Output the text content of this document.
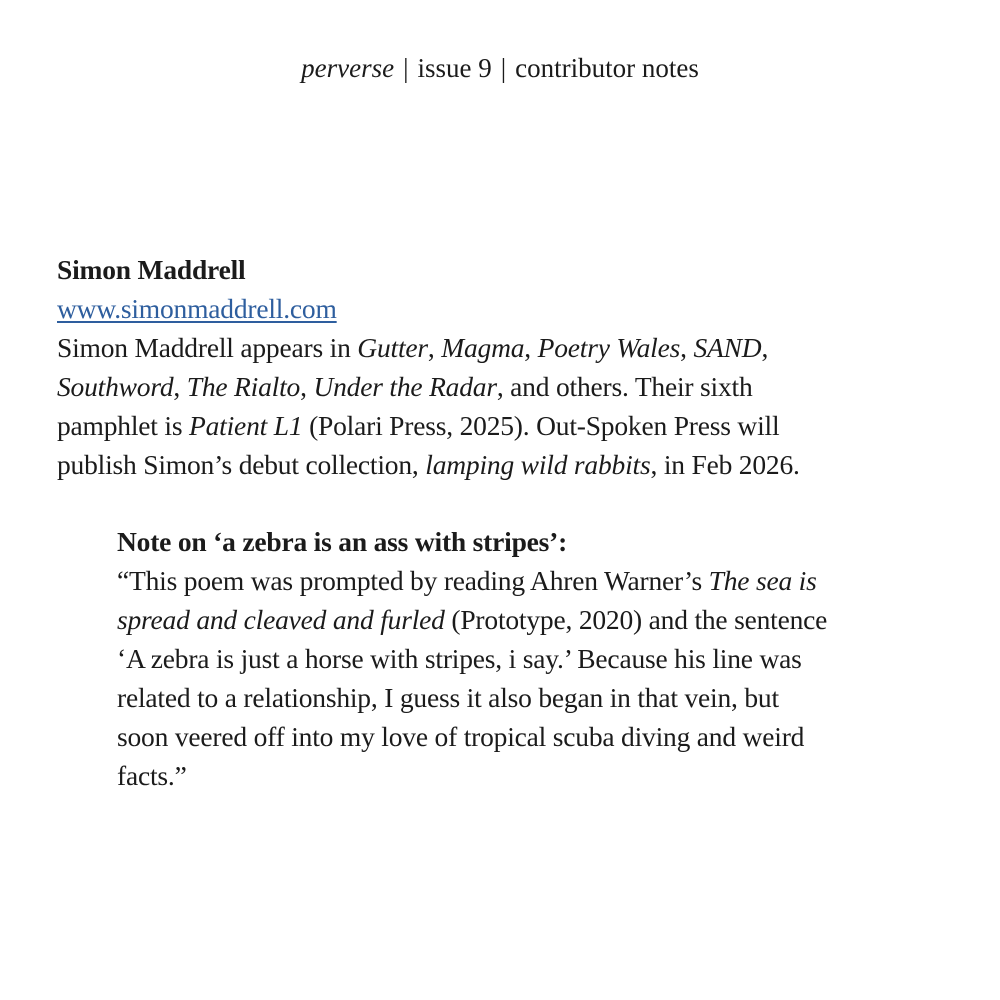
perverse | issue 9 | contributor notes
Simon Maddrell
www.simonmaddrell.com
Simon Maddrell appears in Gutter, Magma, Poetry Wales, SAND,
Southword, The Rialto, Under the Radar, and others. Their sixth
pamphlet is Patient L1 (Polari Press, 2025). Out-Spoken Press will
publish Simon’s debut collection, lamping wild rabbits, in Feb 2026.
Note on ‘a zebra is an ass with stripes’:
“This poem was prompted by reading Ahren Warner’s The sea is
spread and cleaved and furled (Prototype, 2020) and the sentence
‘A zebra is just a horse with stripes, i say.’ Because his line was
related to a relationship, I guess it also began in that vein, but
soon veered off into my love of tropical scuba diving and weird
facts.”
